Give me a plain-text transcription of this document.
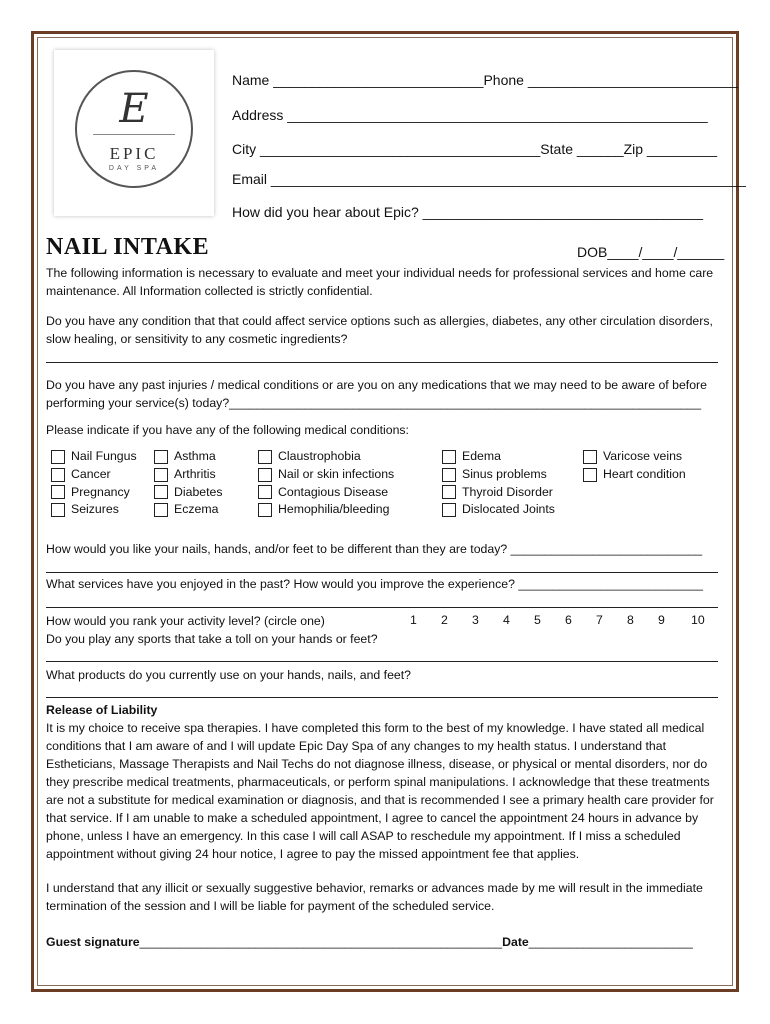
E
EPIC
DAY SPA
Name ___________________________Phone ___________________________
Address ______________________________________________________
City ____________________________________State ______Zip _________
Email _____________________________________________________________
How did you hear about Epic? ____________________________________
NAIL INTAKE	DOB____/____/______
The following information is necessary to evaluate and meet your individual needs for professional services and home care maintenance. All Information collected is strictly confidential.
Do you have any condition that that could affect service options such as allergies, diabetes, any other circulation disorders, slow healing, or sensitivity to any cosmetic ingredients?
Do you have any past injuries / medical conditions or are you on any medications that we may need to be aware of before performing your service(s) today?_____________________________________________________________________
Please indicate if you have any of the following medical conditions:
Nail Fungus
Cancer
Pregnancy
Seizures
Asthma
Arthritis
Diabetes
Eczema
Claustrophobia
Nail or skin infections
Contagious Disease
Hemophilia/bleeding
Edema
Sinus problems
Thyroid Disorder
Dislocated Joints
Varicose veins
Heart condition
How would you like your nails, hands, and/or feet to be different than they are today? ____________________________
What services have you enjoyed in the past? How would you improve the experience? ___________________________
How would you rank your activity level? (circle one)	1 2 3 4 5 6 7 8 9 10
Do you play any sports that take a toll on your hands or feet?
What products do you currently use on your hands, nails, and feet?
Release of Liability
It is my choice to receive spa therapies. I have completed this form to the best of my knowledge. I have stated all medical conditions that I am aware of and I will update Epic Day Spa of any changes to my health status. I understand that Estheticians, Massage Therapists and Nail Techs do not diagnose illness, disease, or physical or mental disorders, nor do they prescribe medical treatments, pharmaceuticals, or perform spinal manipulations. I acknowledge that these treatments are not a substitute for medical examination or diagnosis, and that is recommended I see a primary health care provider for that service. If I am unable to make a scheduled appointment, I agree to cancel the appointment 24 hours in advance by phone, unless I have an emergency. In this case I will call ASAP to reschedule my appointment. If I miss a scheduled appointment without giving 24 hour notice, I agree to pay the missed appointment fee that applies.
I understand that any illicit or sexually suggestive behavior, remarks or advances made by me will result in the immediate termination of the session and I will be liable for payment of the scheduled service.
Guest signature_____________________________________________________Date________________________
